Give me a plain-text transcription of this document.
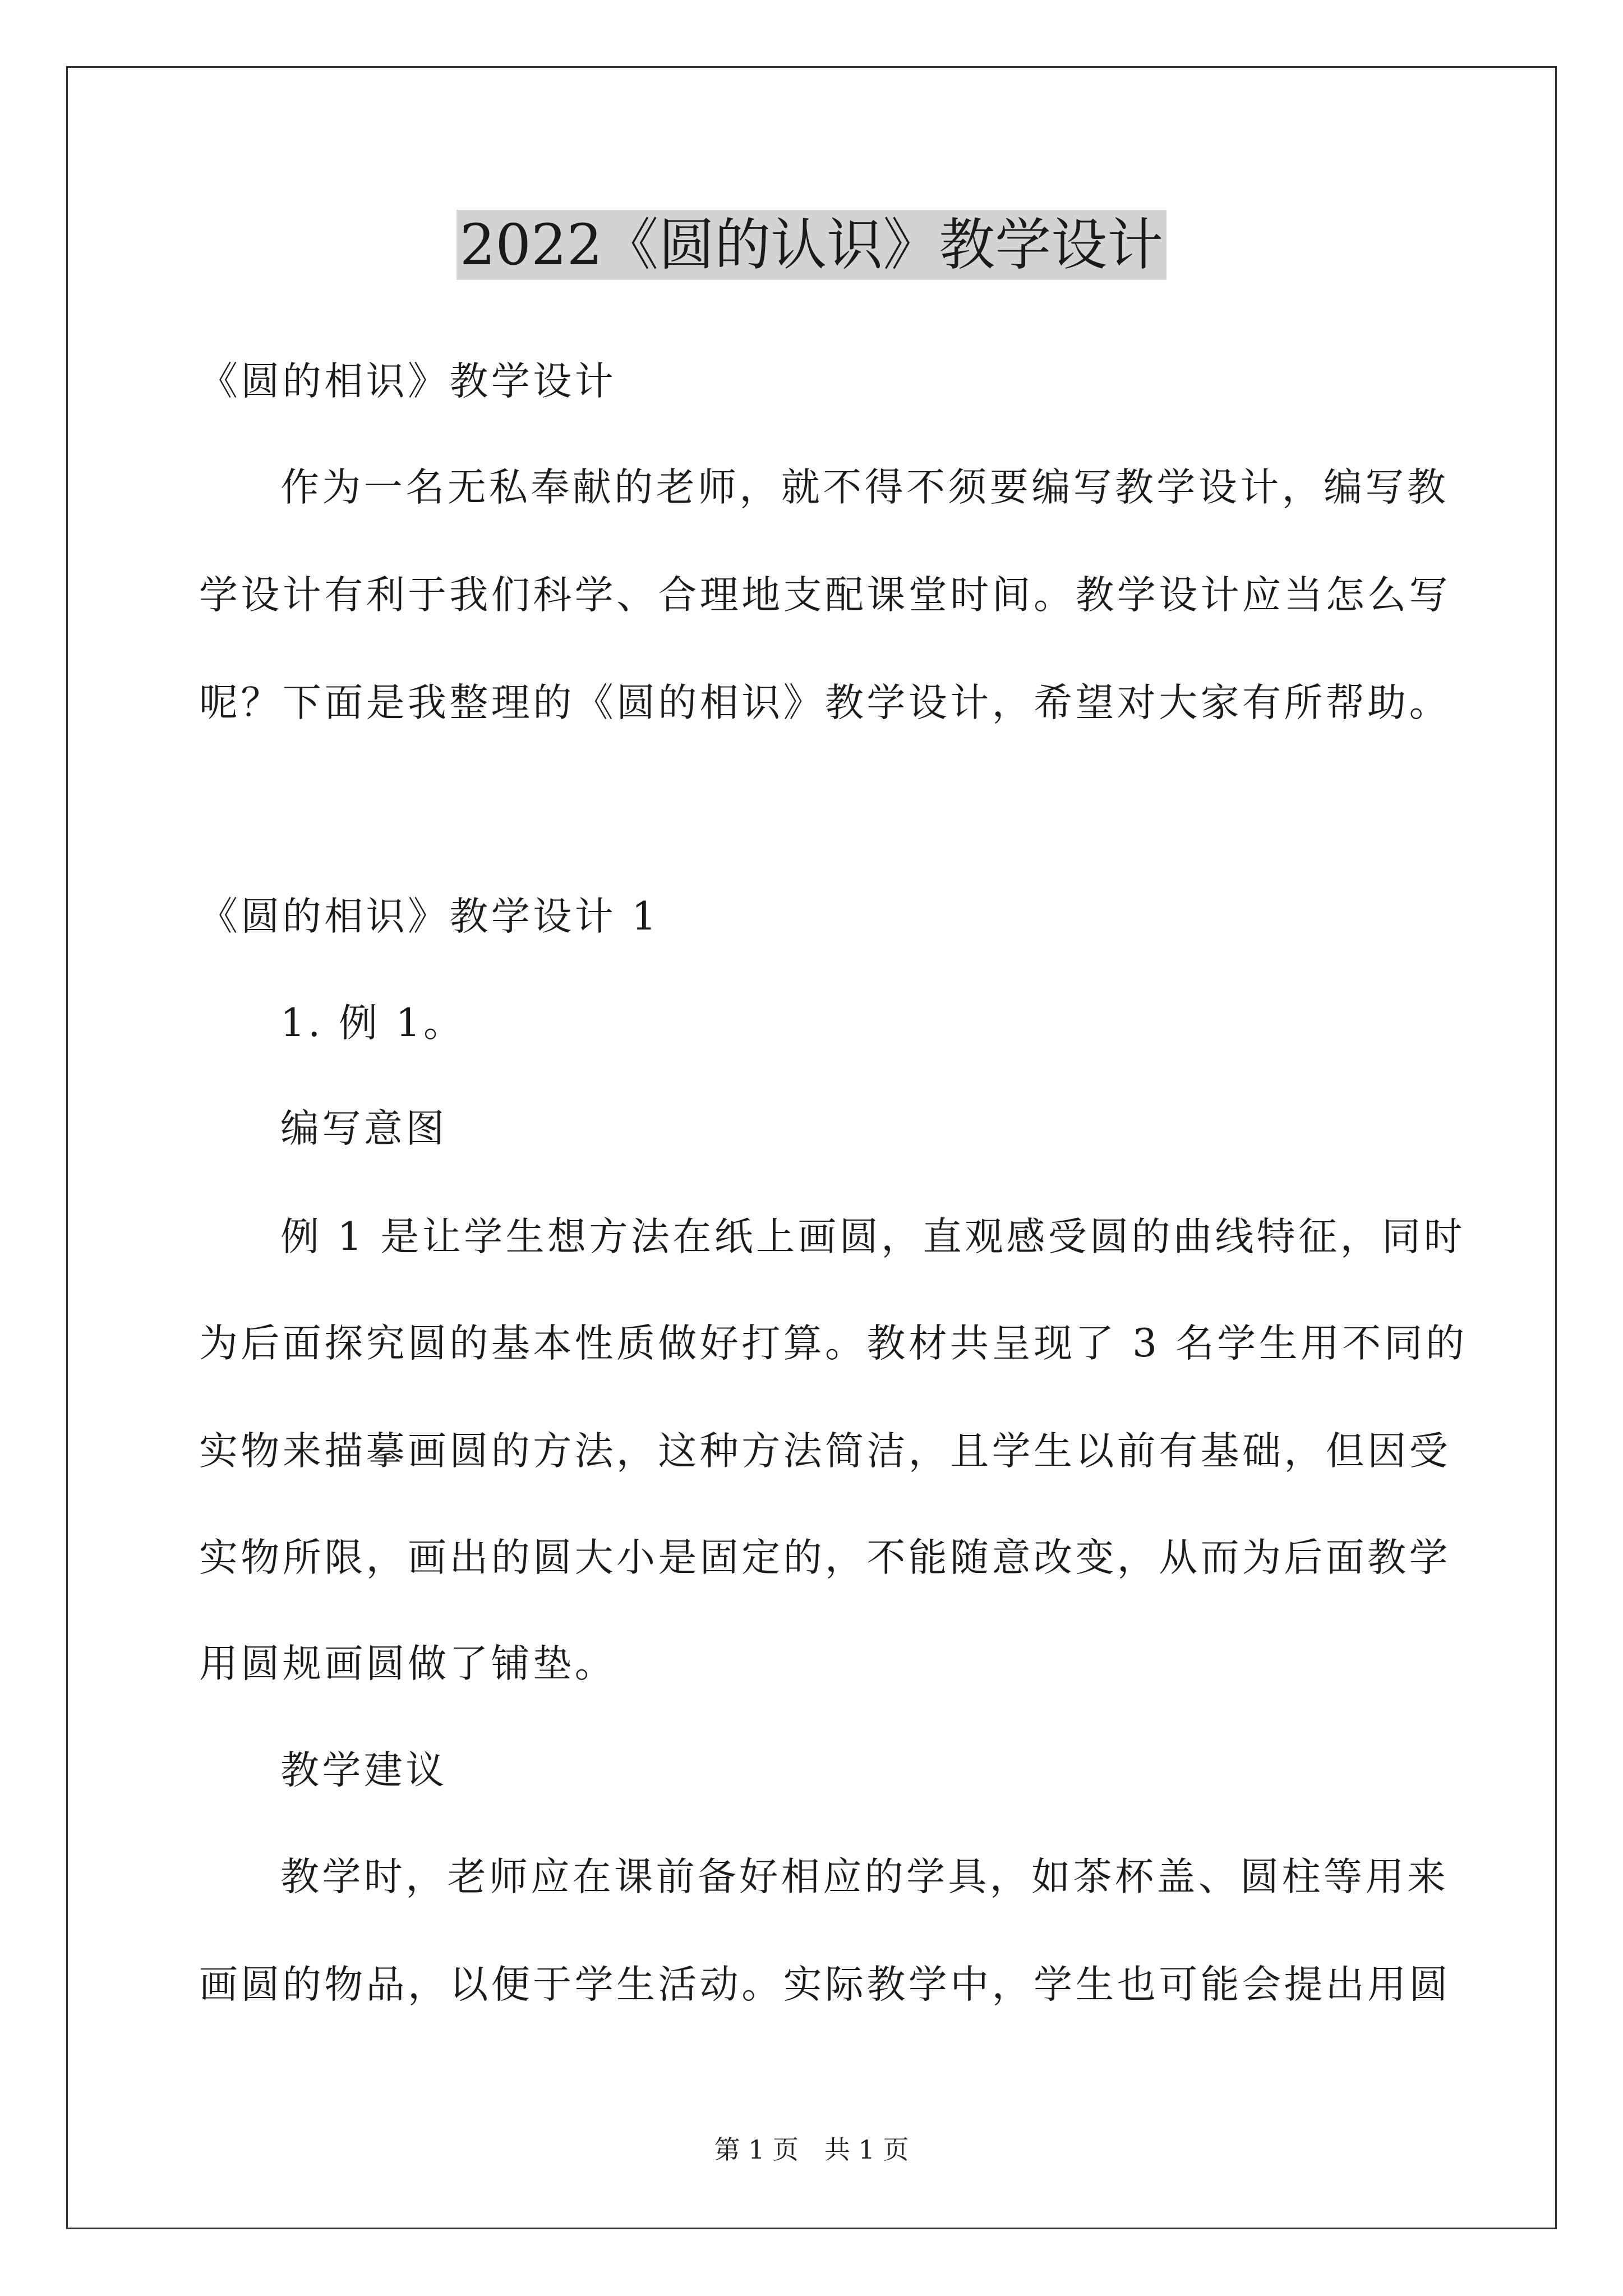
2022《圆的认识》教学设计
《圆的相识》教学设计
作为一名无私奉献的老师，就不得不须要编写教学设计，编写教
学设计有利于我们科学、合理地支配课堂时间。教学设计应当怎么写
呢？下面是我整理的《圆的相识》教学设计，希望对大家有所帮助。
《圆的相识》教学设计 1
1. 例 1。
编写意图
例 1 是让学生想方法在纸上画圆，直观感受圆的曲线特征，同时
为后面探究圆的基本性质做好打算。教材共呈现了 3 名学生用不同的
实物来描摹画圆的方法，这种方法简洁，且学生以前有基础，但因受
实物所限，画出的圆大小是固定的，不能随意改变，从而为后面教学
用圆规画圆做了铺垫。
教学建议
教学时，老师应在课前备好相应的学具，如茶杯盖、圆柱等用来
画圆的物品，以便于学生活动。实际教学中，学生也可能会提出用圆
第 1 页　共 1 页
